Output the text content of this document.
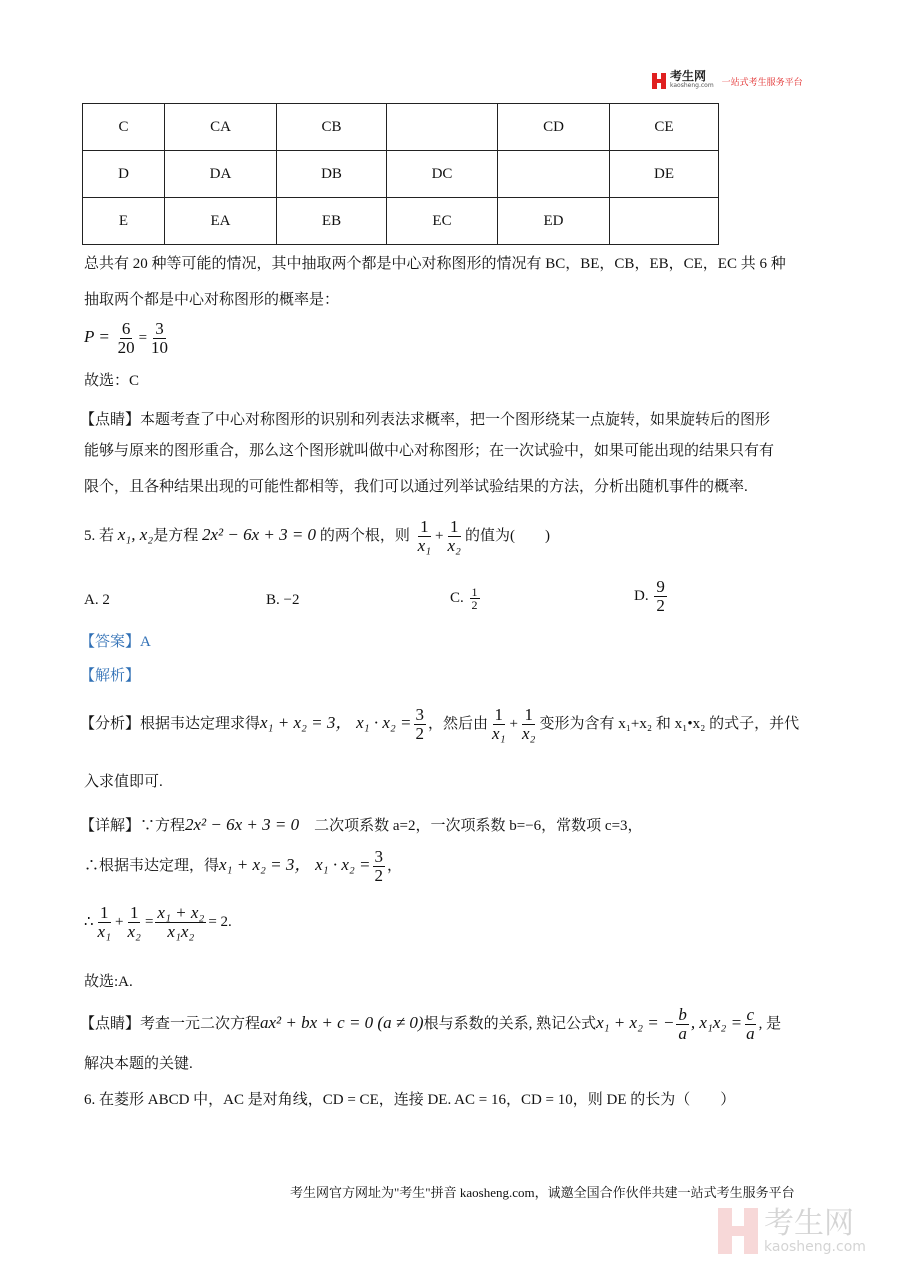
考生网
kaosheng.com 一站式考生服务平台
C	CA	CB		CD	CE
D	DA	DB	DC		DE
E	EA	EB	EC	ED	
总共有 20 种等可能的情况，其中抽取两个都是中心对称图形的情况有 BC，BE，CB，EB，CE，EC 共 6 种
抽取两个都是中心对称图形的概率是：
$P = \frac{6}{20} = \frac{3}{10}$
故选：C
【点睛】本题考查了中心对称图形的识别和列表法求概率，把一个图形绕某一点旋转，如果旋转后的图形
能够与原来的图形重合，那么这个图形就叫做中心对称图形；在一次试验中，如果可能出现的结果只有有
限个，且各种结果出现的可能性都相等，我们可以通过列举试验结果的方法，分析出随机事件的概率.
5. 若 x₁, x₂是方程 2x² − 6x + 3 = 0 的两个根，则 $\frac{1}{\text{x₁}} + \frac{1}{\text{x₂}}$ 的值为(　　)
A. 2	B. −2	C. $\frac{1}{2}$	D. $\frac{9}{2}$
【答案】A
【解析】
【分析】根据韦达定理求得x₁ + x₂ = 3， $x_1 \cdot x_2 = \frac{3}{2}$ ，然后由 $\frac{1}{\text{x₁}} + \frac{1}{\text{x₂}}$ 变形为含有 x₁+x₂ 和 x₁•x₂ 的式子，并代
入求值即可.
【详解】∵方程2x² − 6x + 3 = 0　二次项系数 a=2，一次项系数 b=−6，常数项 c=3，
∴根据韦达定理，得x₁ + x₂ = 3， $x_1 \cdot x_2 = \frac{3}{2}$ ，
∴ $\frac{1}{\text{x₁}} + \frac{1}{\text{x₂}} = \frac{\text{x₁ + x₂}}{\text{x₁x₂}} = 2$.
故选:A.
【点睛】考查一元二次方程ax² + bx + c = 0 (a ≠ 0)根与系数的关系, 熟记公式x₁ + x₂ = − $\frac{b}{a}$ , $x_1x_2 = \frac{c}{a}$ , 是
解决本题的关键.
6. 在菱形 ABCD 中，AC 是对角线，CD = CE，连接 DE. AC = 16，CD = 10，则 DE 的长为（　　）
考生网官方网址为"考生"拼音 kaosheng.com，诚邀全国合作伙伴共建一站式考生服务平台
考生网
kaosheng.com
